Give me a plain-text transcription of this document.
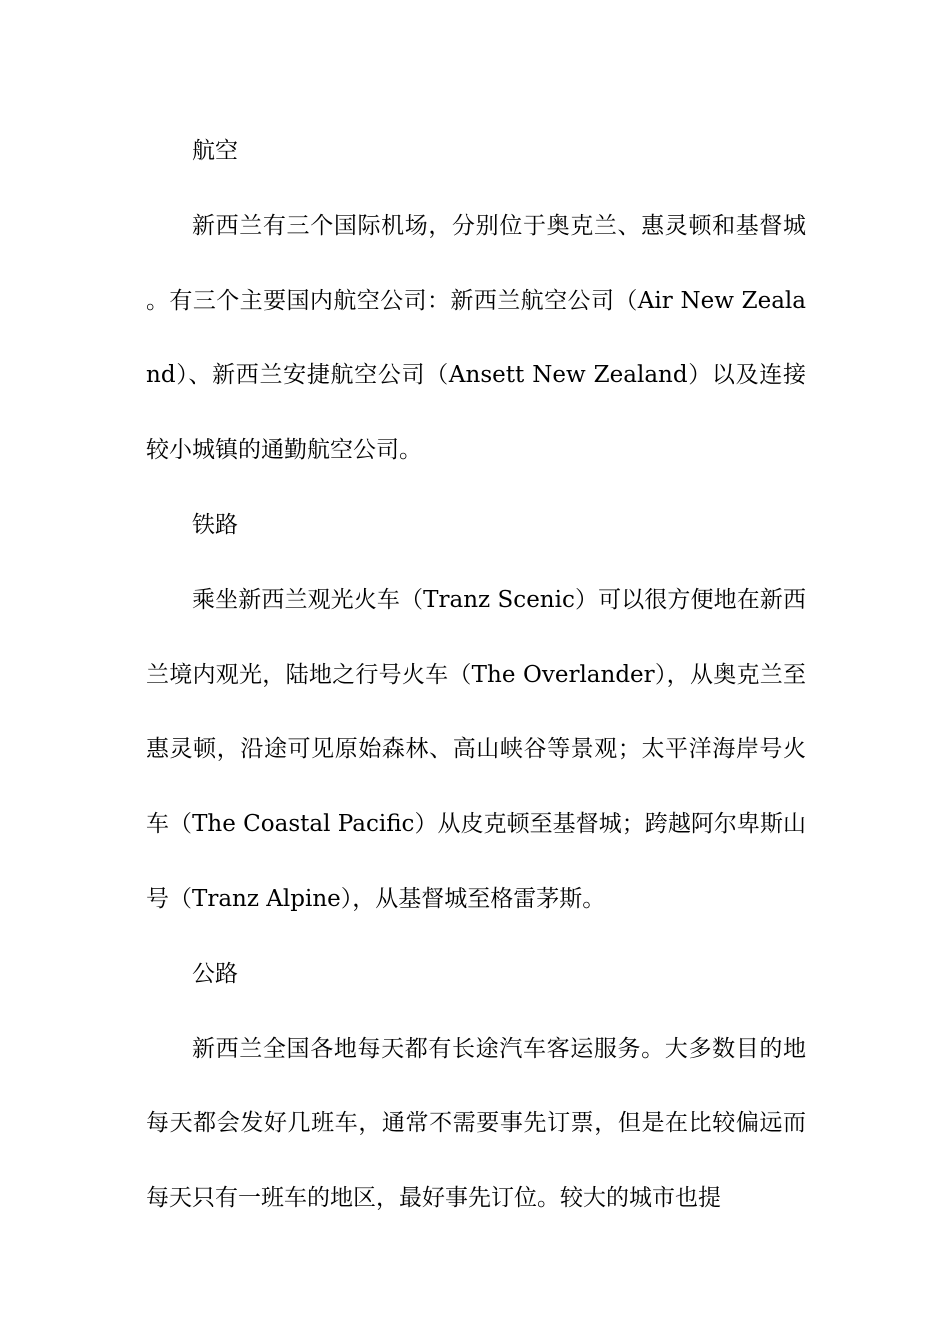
航空

新西兰有三个国际机场，分别位于奥克兰、惠灵顿和基督城。有三个主要国内航空公司：新西兰航空公司（Air New Zealand）、新西兰安捷航空公司（Ansett New Zealand）以及连接较小城镇的通勤航空公司。

铁路

乘坐新西兰观光火车（Tranz Scenic）可以很方便地在新西兰境内观光，陆地之行号火车（The Overlander），从奥克兰至惠灵顿，沿途可见原始森林、高山峡谷等景观；太平洋海岸号火车（The Coastal Pacific）从皮克顿至基督城；跨越阿尔卑斯山号（Tranz Alpine），从基督城至格雷茅斯。

公路

新西兰全国各地每天都有长途汽车客运服务。大多数目的地每天都会发好几班车，通常不需要事先订票，但是在比较偏远而每天只有一班车的地区，最好事先订位。较大的城市也提
